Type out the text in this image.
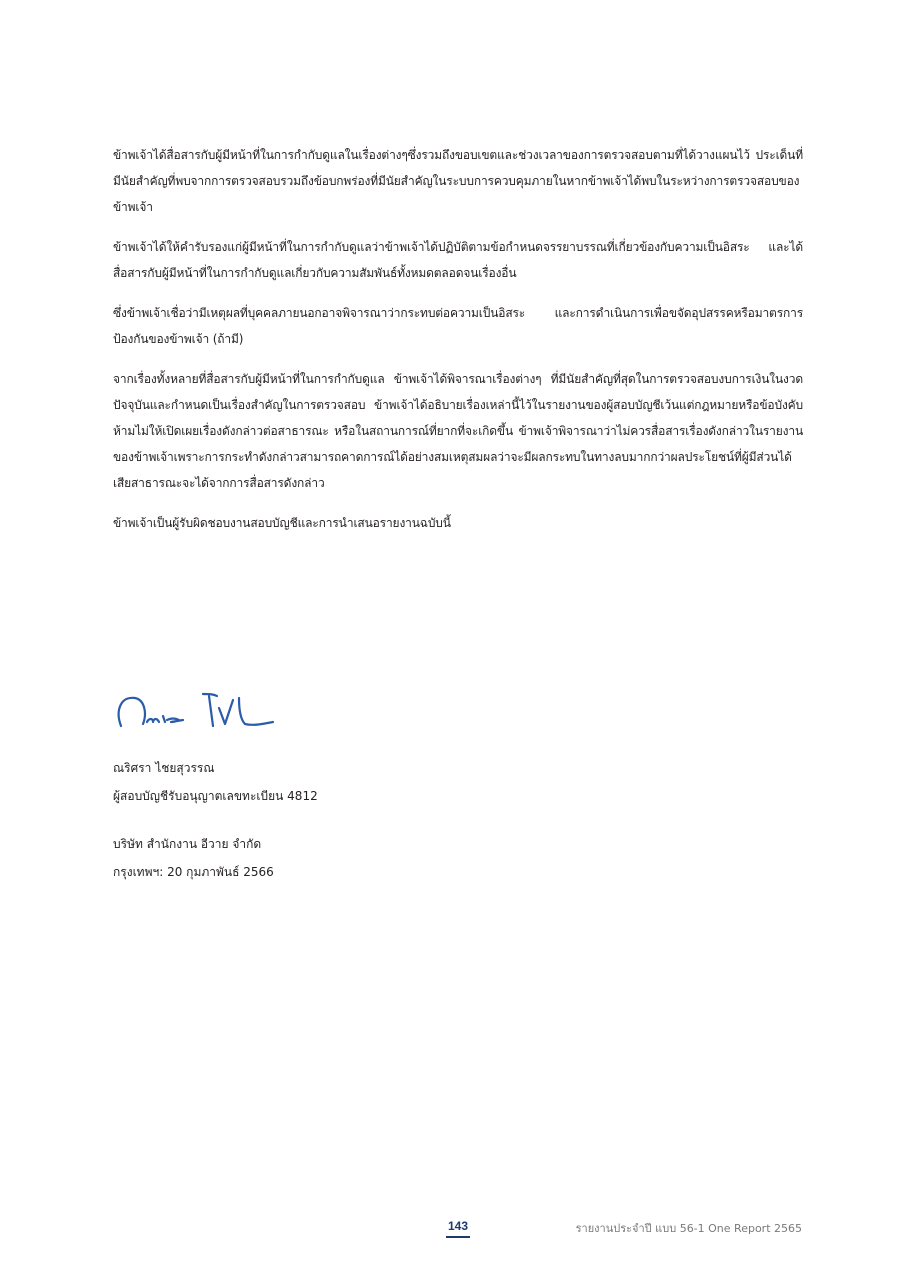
ข้าพเจ้าได้สื่อสารกับผู้มีหน้าที่ในการกำกับดูแลในเรื่องต่างๆซึ่งรวมถึงขอบเขตและช่วงเวลาของการตรวจสอบตามที่ได้วางแผนไว้ ประเด็นที่มีนัยสำคัญที่พบจากการตรวจสอบรวมถึงข้อบกพร่องที่มีนัยสำคัญในระบบการควบคุมภายในหากข้าพเจ้าได้พบในระหว่างการตรวจสอบของข้าพเจ้า

ข้าพเจ้าได้ให้คำรับรองแก่ผู้มีหน้าที่ในการกำกับดูแลว่าข้าพเจ้าได้ปฏิบัติตามข้อกำหนดจรรยาบรรณที่เกี่ยวข้องกับความเป็นอิสระ และได้สื่อสารกับผู้มีหน้าที่ในการกำกับดูแลเกี่ยวกับความสัมพันธ์ทั้งหมดตลอดจนเรื่องอื่น

ซึ่งข้าพเจ้าเชื่อว่ามีเหตุผลที่บุคคลภายนอกอาจพิจารณาว่ากระทบต่อความเป็นอิสระ และการดำเนินการเพื่อขจัดอุปสรรคหรือมาตรการป้องกันของข้าพเจ้า (ถ้ามี)

จากเรื่องทั้งหลายที่สื่อสารกับผู้มีหน้าที่ในการกำกับดูแล ข้าพเจ้าได้พิจารณาเรื่องต่างๆ ที่มีนัยสำคัญที่สุดในการตรวจสอบงบการเงินในงวดปัจจุบันและกำหนดเป็นเรื่องสำคัญในการตรวจสอบ ข้าพเจ้าได้อธิบายเรื่องเหล่านี้ไว้ในรายงานของผู้สอบบัญชีเว้นแต่กฎหมายหรือข้อบังคับห้ามไม่ให้เปิดเผยเรื่องดังกล่าวต่อสาธารณะ หรือในสถานการณ์ที่ยากที่จะเกิดขึ้น ข้าพเจ้าพิจารณาว่าไม่ควรสื่อสารเรื่องดังกล่าวในรายงานของข้าพเจ้าเพราะการกระทำดังกล่าวสามารถคาดการณ์ได้อย่างสมเหตุสมผลว่าจะมีผลกระทบในทางลบมากกว่าผลประโยชน์ที่ผู้มีส่วนได้เสียสาธารณะจะได้จากการสื่อสารดังกล่าว

ข้าพเจ้าเป็นผู้รับผิดชอบงานสอบบัญชีและการนำเสนอรายงานฉบับนี้

ณริศรา ไชยสุวรรณ
ผู้สอบบัญชีรับอนุญาตเลขทะเบียน 4812
บริษัท สำนักงาน อีวาย จำกัด
กรุงเทพฯ: 20 กุมภาพันธ์ 2566
143	รายงานประจำปี แบบ 56-1 One Report 2565
